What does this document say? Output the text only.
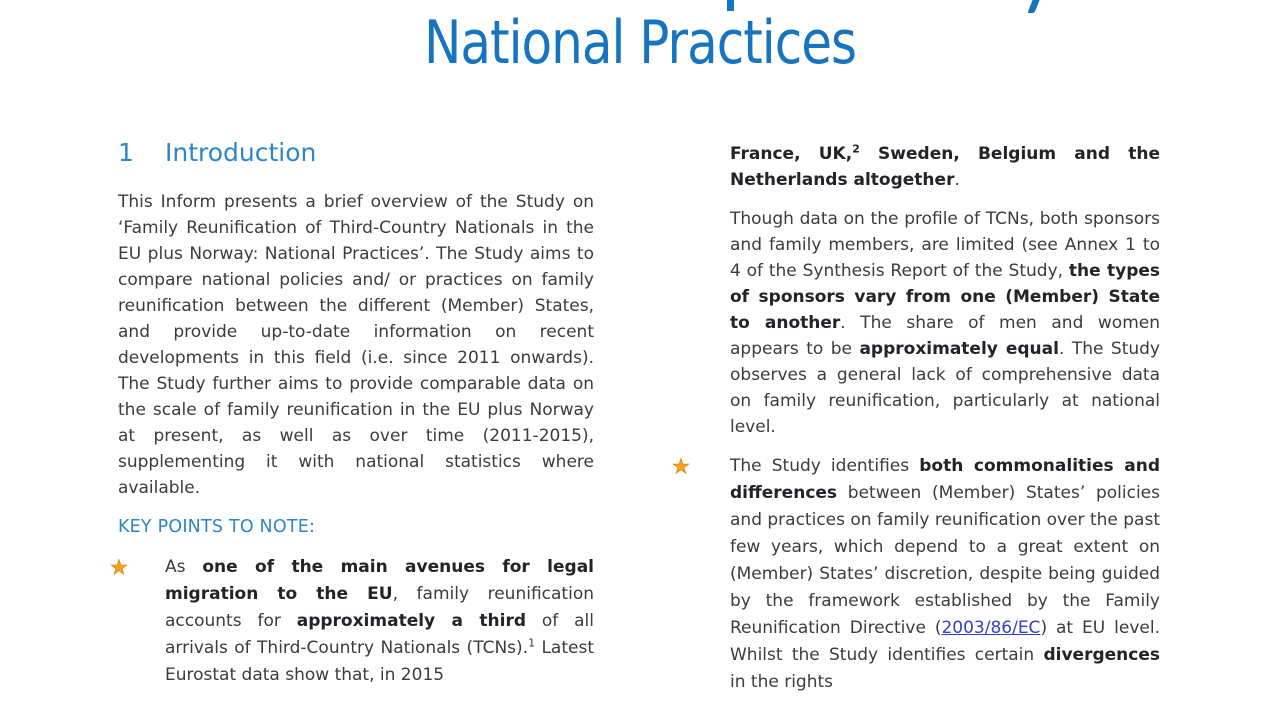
National Practices
1	Introduction

This Inform presents a brief overview of the Study on ‘Family Reunification of Third-Country Nationals in the EU plus Norway: National Practices’. The Study aims to compare national policies and/ or practices on family reunification between the different (Member) States, and provide up-to-date information on recent developments in this field (i.e. since 2011 onwards). The Study further aims to provide comparable data on the scale of family reunification in the EU plus Norway at present, as well as over time (2011-2015), supplementing it with national statistics where available.

KEY POINTS TO NOTE:
★	As one of the main avenues for legal migration to the EU, family reunification accounts for approximately a third of all arrivals of Third-Country Nationals (TCNs).$^1$ Latest Eurostat data show that, in 2015

France, UK,$^2$ Sweden, Belgium and the Netherlands altogether.

Though data on the profile of TCNs, both sponsors and family members, are limited (see Annex 1 to 4 of the Synthesis Report of the Study, the types of sponsors vary from one (Member) State to another. The share of men and women appears to be approximately equal. The Study observes a general lack of comprehensive data on family reunification, particularly at national level.

★	The Study identifies both commonalities and differences between (Member) States’ policies and practices on family reunification over the past few years, which depend to a great extent on (Member) States’ discretion, despite being guided by the framework established by the Family Reunification Directive (2003/86/EC) at EU level. Whilst the Study identifies certain divergences in the rights
